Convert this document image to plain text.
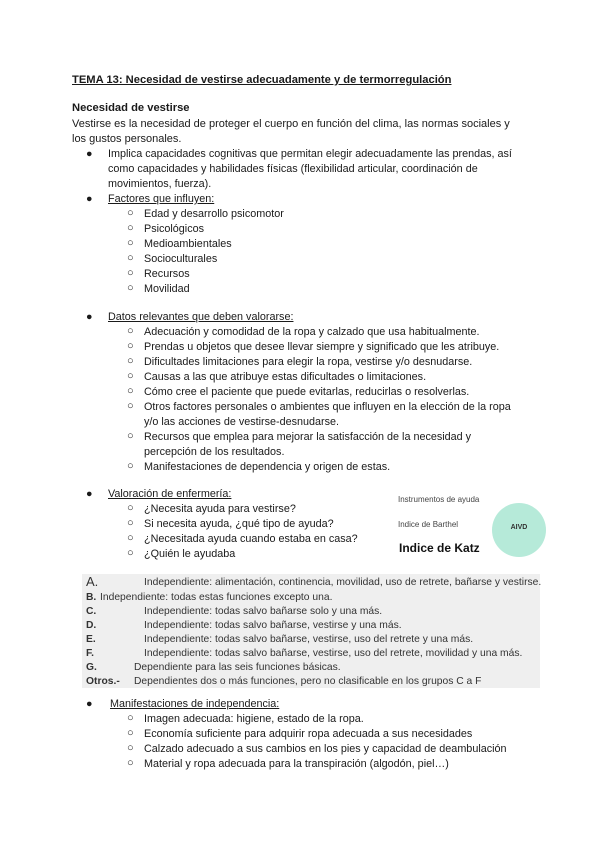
TEMA 13: Necesidad de vestirse adecuadamente y de termorregulación
Necesidad de vestirse
Vestirse es la necesidad de proteger el cuerpo en función del clima, las normas sociales y
los gustos personales.
● Implica capacidades cognitivas que permitan elegir adecuadamente las prendas, así
como capacidades y habilidades físicas (flexibilidad articular, coordinación de
movimientos, fuerza).
● Factores que influyen:
○ Edad y desarrollo psicomotor
○ Psicológicos
○ Medioambientales
○ Socioculturales
○ Recursos
○ Movilidad
● Datos relevantes que deben valorarse:
○ Adecuación y comodidad de la ropa y calzado que usa habitualmente.
○ Prendas u objetos que desee llevar siempre y significado que les atribuye.
○ Dificultades limitaciones para elegir la ropa, vestirse y/o desnudarse.
○ Causas a las que atribuye estas dificultades o limitaciones.
○ Cómo cree el paciente que puede evitarlas, reducirlas o resolverlas.
○ Otros factores personales o ambientes que influyen en la elección de la ropa
y/o las acciones de vestirse-desnudarse.
○ Recursos que emplea para mejorar la satisfacción de la necesidad y
percepción de los resultados.
○ Manifestaciones de dependencia y origen de estas.
● Valoración de enfermería:
○ ¿Necesita ayuda para vestirse?
○ Si necesita ayuda, ¿qué tipo de ayuda?
○ ¿Necesitada ayuda cuando estaba en casa?
○ ¿Quién le ayudaba
Instrumentos de ayuda
Indice de Barthel	AIVD
Indice de Katz
A.	Independiente: alimentación, continencia, movilidad, uso de retrete, bañarse y vestirse.
B. Independiente: todas estas funciones excepto una.
C.	Independiente: todas salvo bañarse solo y una más.
D.	Independiente: todas salvo bañarse, vestirse y una más.
E.	Independiente: todas salvo bañarse, vestirse, uso del retrete y una más.
F.	Independiente: todas salvo bañarse, vestirse, uso del retrete, movilidad y una más.
G.	Dependiente para las seis funciones básicas.
Otros.- Dependientes dos o más funciones, pero no clasificable en los grupos C a F
● Manifestaciones de independencia:
○ Imagen adecuada: higiene, estado de la ropa.
○ Economía suficiente para adquirir ropa adecuada a sus necesidades
○ Calzado adecuado a sus cambios en los pies y capacidad de deambulación
○ Material y ropa adecuada para la transpiración (algodón, piel…)
